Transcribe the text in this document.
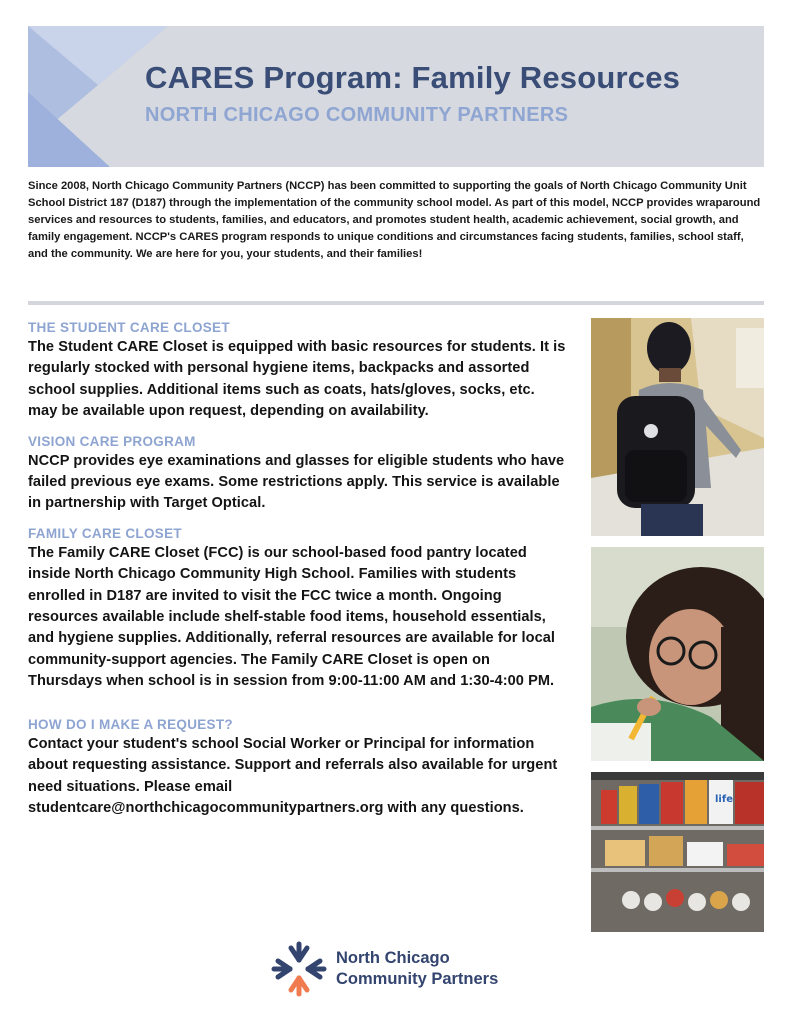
CARES Program: Family Resources
NORTH CHICAGO COMMUNITY PARTNERS

Since 2008, North Chicago Community Partners (NCCP) has been committed to supporting the goals of North Chicago Community Unit School District 187 (D187) through the implementation of the community school model. As part of this model, NCCP provides wraparound services and resources to students, families, and educators, and promotes student health, academic achievement, social growth, and family engagement. NCCP's CARES program responds to unique conditions and circumstances facing students, families, school staff, and the community. We are here for you, your students, and their families!

THE STUDENT CARE CLOSET

The Student CARE Closet is equipped with basic resources for students. It is regularly stocked with personal hygiene items, backpacks and assorted school supplies. Additional items such as coats, hats/gloves, socks, etc. may be available upon request, depending on availability.

VISION CARE PROGRAM

NCCP provides eye examinations and glasses for eligible students who have failed previous eye exams. Some restrictions apply. This service is available in partnership with Target Optical.

FAMILY CARE CLOSET

The Family CARE Closet (FCC) is our school-based food pantry located inside North Chicago Community High School. Families with students enrolled in D187 are invited to visit the FCC twice a month. Ongoing resources available include shelf-stable food items, household essentials, and hygiene supplies. Additionally, referral resources are available for local community-support agencies. The Family CARE Closet is open on Thursdays when school is in session from 9:00-11:00 AM and 1:30-4:00 PM.

HOW DO I MAKE A REQUEST?

Contact your student's school Social Worker or Principal for information about requesting assistance. Support and referrals also available for urgent need situations. Please email studentcare@northchicagocommunitypartners.org with any questions.

life
North Chicago
Community Partners
